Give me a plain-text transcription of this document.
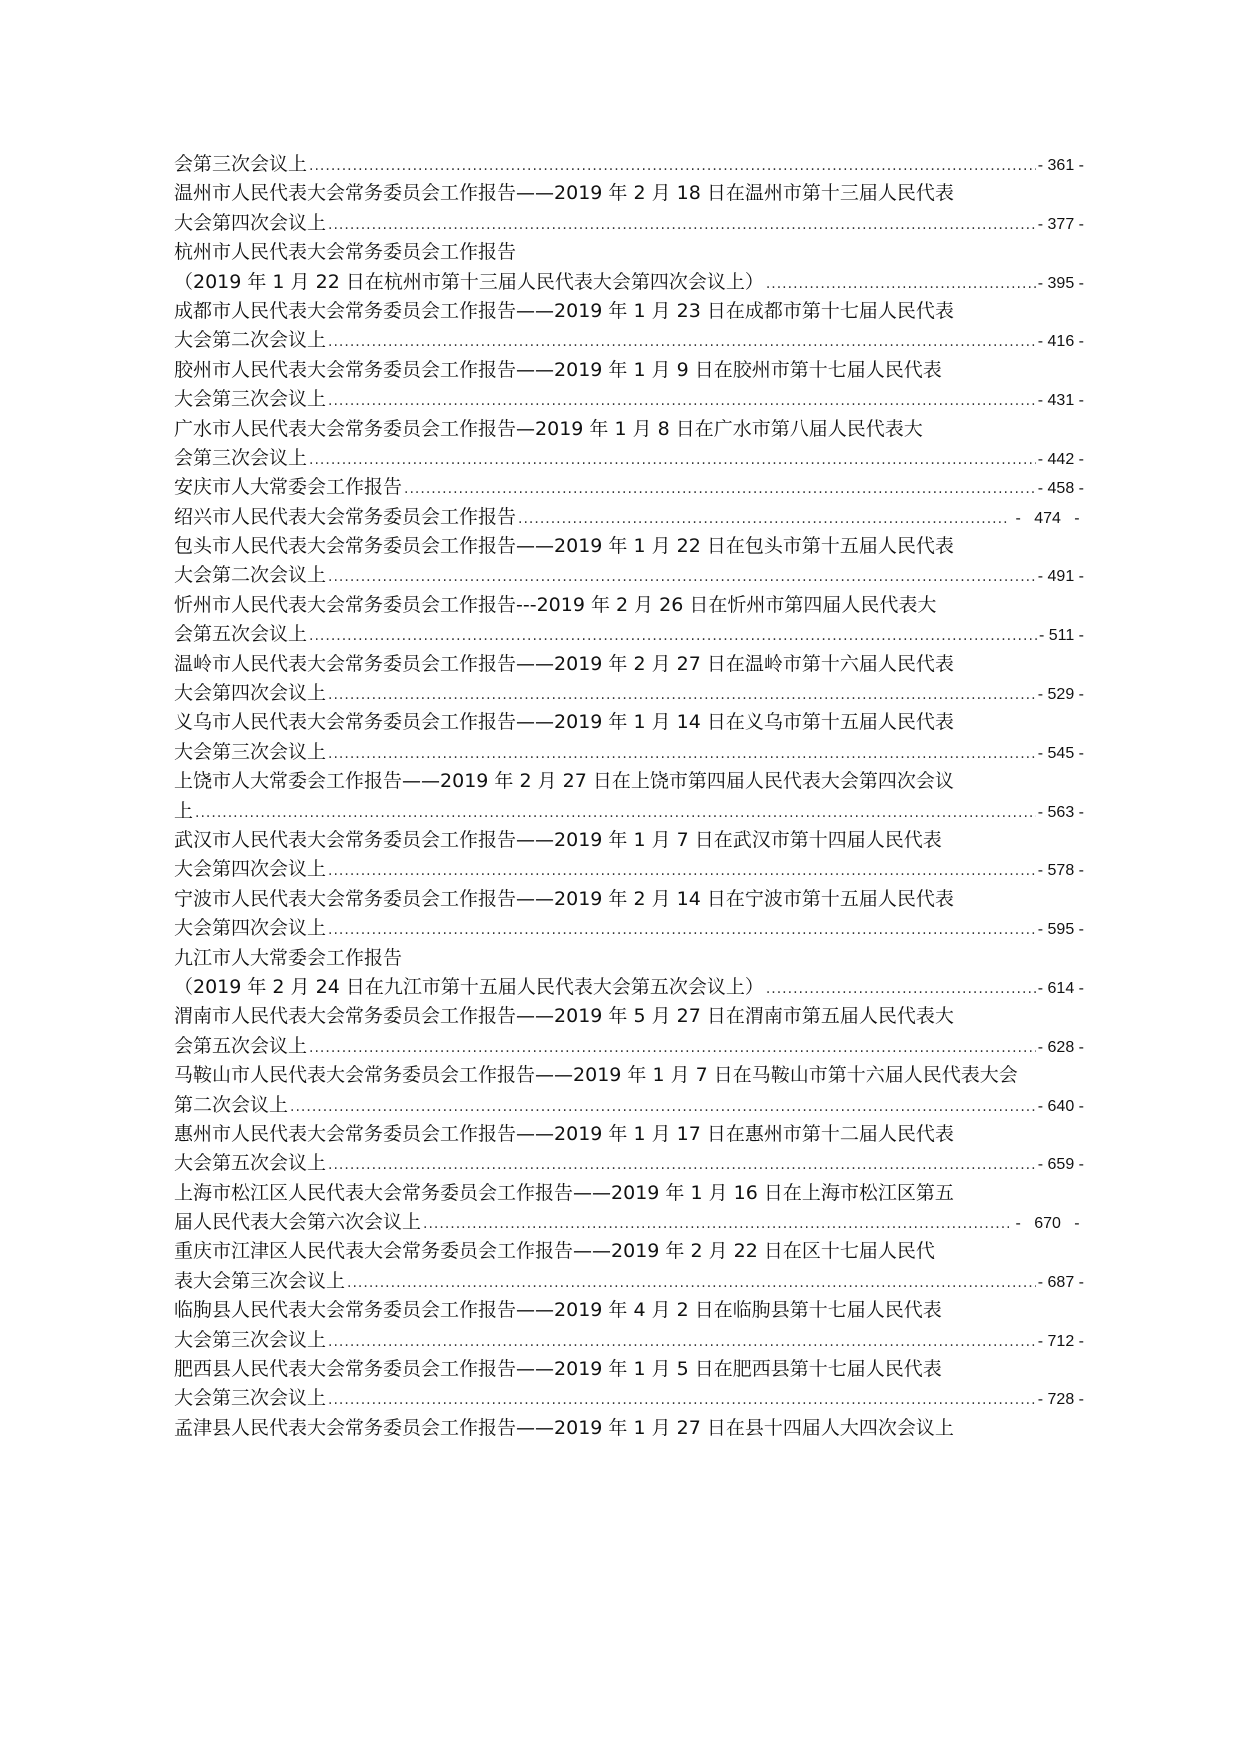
会第三次会议上 .....	- 361 -
温州市人民代表大会常务委员会工作报告 ——2019 年 2 月 18 日在温州市第十三届人民代表
大会第四次会议上 .....	- 377 -
杭州市人民代表大会常务委员会工作报告
（2019 年 1 月 22 日在杭州市第十三届人民代表大会第四次会议上） .....	- 395 -
成都市人民代表大会常务委员会工作报告 ——2019 年 1 月 23 日在成都市第十七届人民代表
大会第二次会议上 .....	- 416 -
胶州市人民代表大会常务委员会工作报告 ——2019 年 1 月 9 日在胶州市第十七届人民代表
大会第三次会议上 .....	- 431 -
广水市人民代表大会常务委员会工作报告 —2019 年 1 月 8 日在广水市第八届人民代表大
会第三次会议上 .....	- 442 -
安庆市人大常委会工作报告 .....	- 458 -
绍兴市人民代表大会常务委员会工作报告 .....	-   474   -
包头市人民代表大会常务委员会工作报告 ——2019 年 1 月 22 日在包头市第十五届人民代表
大会第二次会议上 .....	- 491 -
忻州市人民代表大会常务委员会工作报告 ---2019 年 2 月 26 日在忻州市第四届人民代表大
会第五次会议上 .....	- 511 -
温岭市人民代表大会常务委员会工作报告 ——2019 年 2 月 27 日在温岭市第十六届人民代表
大会第四次会议上 .....	- 529 -
义乌市人民代表大会常务委员会工作报告 ——2019 年 1 月 14 日在义乌市第十五届人民代表
大会第三次会议上 .....	- 545 -
上饶市人大常委会工作报告 ——2019 年 2 月 27 日在上饶市第四届人民代表大会第四次会议
上 .....	- 563 -
武汉市人民代表大会常务委员会工作报告 ——2019 年 1 月 7 日在武汉市第十四届人民代表
大会第四次会议上 .....	- 578 -
宁波市人民代表大会常务委员会工作报告 ——2019 年 2 月 14 日在宁波市第十五届人民代表
大会第四次会议上 .....	- 595 -
九江市人大常委会工作报告
（2019 年 2 月 24 日在九江市第十五届人民代表大会第五次会议上） .....	- 614 -
渭南市人民代表大会常务委员会工作报告 ——2019 年 5 月 27 日在渭南市第五届人民代表大
会第五次会议上 .....	- 628 -
马鞍山市人民代表大会常务委员会工作报告 ——2019 年 1 月 7 日在马鞍山市第十六届人民代表大会
第二次会议上 .....	- 640 -
惠州市人民代表大会常务委员会工作报告 ——2019 年 1 月 17 日在惠州市第十二届人民代表
大会第五次会议上 .....	- 659 -
上海市松江区人民代表大会常务委员会工作报告 ——2019 年 1 月 16 日在上海市松江区第五
届人民代表大会第六次会议上 .....	-   670   -
重庆市江津区人民代表大会常务委员会工作报告 ——2019 年 2 月 22 日在区十七届人民代
表大会第三次会议上 .....	- 687 -
临朐县人民代表大会常务委员会工作报告 ——2019 年 4 月 2 日在临朐县第十七届人民代表
大会第三次会议上 .....	- 712 -
肥西县人民代表大会常务委员会工作报告 ——2019 年 1 月 5 日在肥西县第十七届人民代表
大会第三次会议上 .....	- 728 -
孟津县人民代表大会常务委员会工作报告 ——2019 年 1 月 27 日在县十四届人大四次会议上
